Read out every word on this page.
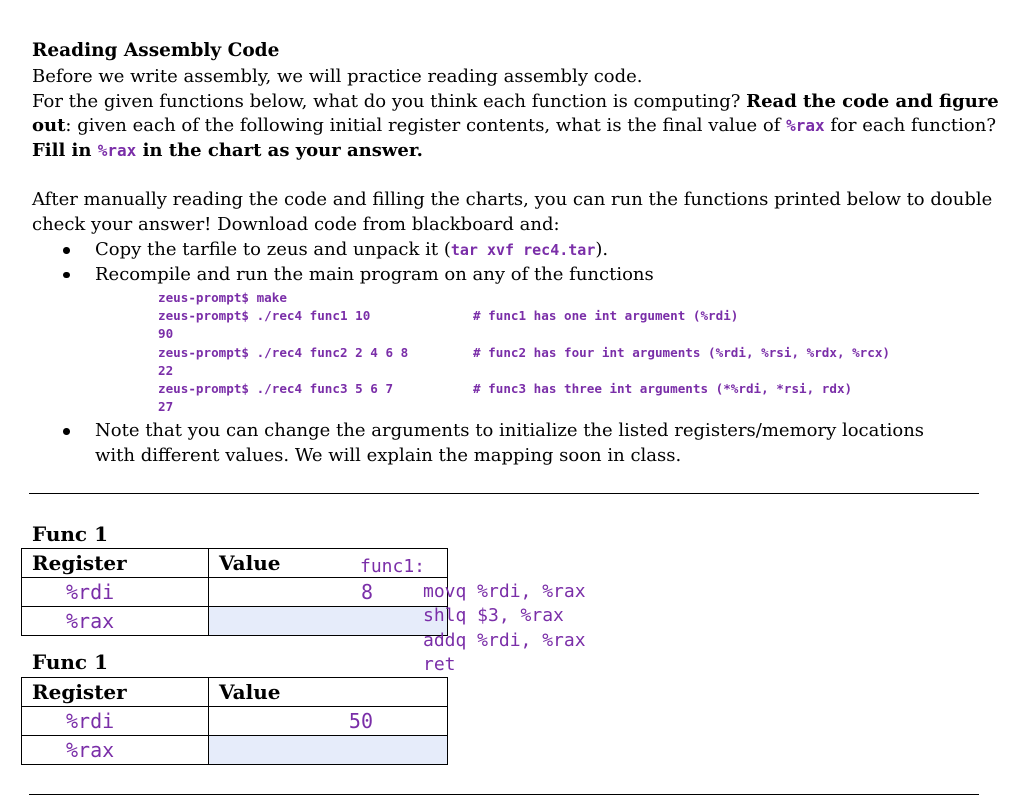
Reading Assembly Code
Before we write assembly, we will practice reading assembly code.
For the given functions below, what do you think each function is computing? Read the code and figure
out: given each of the following initial register contents, what is the final value of %rax for each function?
Fill in %rax in the chart as your answer.
After manually reading the code and filling the charts, you can run the functions printed below to double
check your answer! Download code from blackboard and:
Copy the tarfile to zeus and unpack it (tar xvf rec4.tar).
Recompile and run the main program on any of the functions
zeus-prompt$ make
zeus-prompt$ ./rec4 func1 10	# func1 has one int argument (%rdi)
90
zeus-prompt$ ./rec4 func2 2 4 6 8	# func2 has four int arguments (%rdi, %rsi, %rdx, %rcx)
22
zeus-prompt$ ./rec4 func3 5 6 7	# func3 has three int arguments (*%rdi, *rsi, rdx)
27
Note that you can change the arguments to initialize the listed registers/memory locations with different values. We will explain the mapping soon in class.
Func 1
Register	Value
%rdi	8
%rax	
Func 1
Register	Value
%rdi	50
%rax	
func1:
movq %rdi, %rax
shlq $3, %rax
addq %rdi, %rax
ret
